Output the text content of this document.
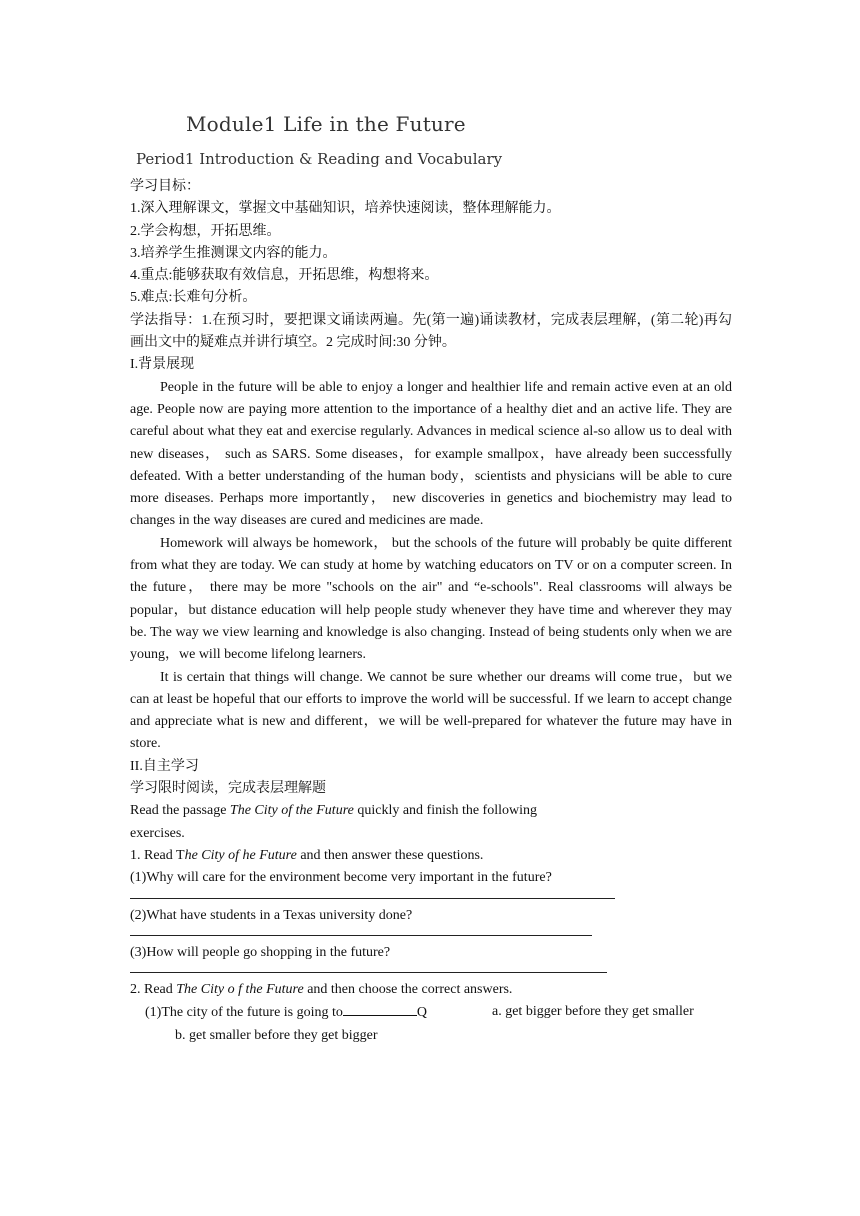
Module1 Life in the Future
Period1 Introduction & Reading and Vocabulary
学习目标：
1.深入理解课文，掌握文中基础知识，培养快速阅读，整体理解能力。
2.学会构想，开拓思维。
3.培养学生推测课文内容的能力。
4.重点:能够获取有效信息，开拓思维，构想将来。
5.难点:长难句分析。

学法指导：1.在预习时，要把课文诵读两遍。先(第一遍)诵读教材，完成表层理解，(第二轮)再勾画出文中的疑难点并讲行填空。2 完成时间:30 分钟。

I.背景展现

People in the future will be able to enjoy a longer and healthier life and remain active even at an old age. People now are paying more attention to the importance of a healthy diet and an active life. They are careful about what they eat and exercise regularly. Advances in medical science al-so allow us to deal with new diseases， such as SARS. Some diseases，for example smallpox，have already been successfully defeated. With a better understanding of the human body，scientists and physicians will be able to cure more diseases. Perhaps more importantly， new discoveries in genetics and biochemistry may lead to changes in the way diseases are cured and medicines are made.

Homework will always be homework， but the schools of the future will probably be quite different from what they are today. We can study at home by watching educators on TV or on a computer screen. In the future， there may be more "schools on the air" and “e-schools". Real classrooms will always be popular，but distance education will help people study whenever they have time and wherever they may be. The way we view learning and knowledge is also changing. Instead of being students only when we are young，we will become lifelong learners.

It is certain that things will change. We cannot be sure whether our dreams will come true，but we can at least be hopeful that our efforts to improve the world will be successful. If we learn to accept change and appreciate what is new and different，we will be well-prepared for whatever the future may have in store.

II.自主学习
学习限时阅读，完成表层理解题
Read the passage The City of the Future quickly and finish the following
exercises.
1. Read The City of he Future and then answer these questions.
(1)Why will care for the environment become very important in the future?
(2)What have students in a Texas university done?
(3)How will people go shopping in the future?
2. Read The City o f the Future and then choose the correct answers.
(1)The city of the future is going to	Q	a. get bigger before they get smaller
b. get smaller before they get bigger
